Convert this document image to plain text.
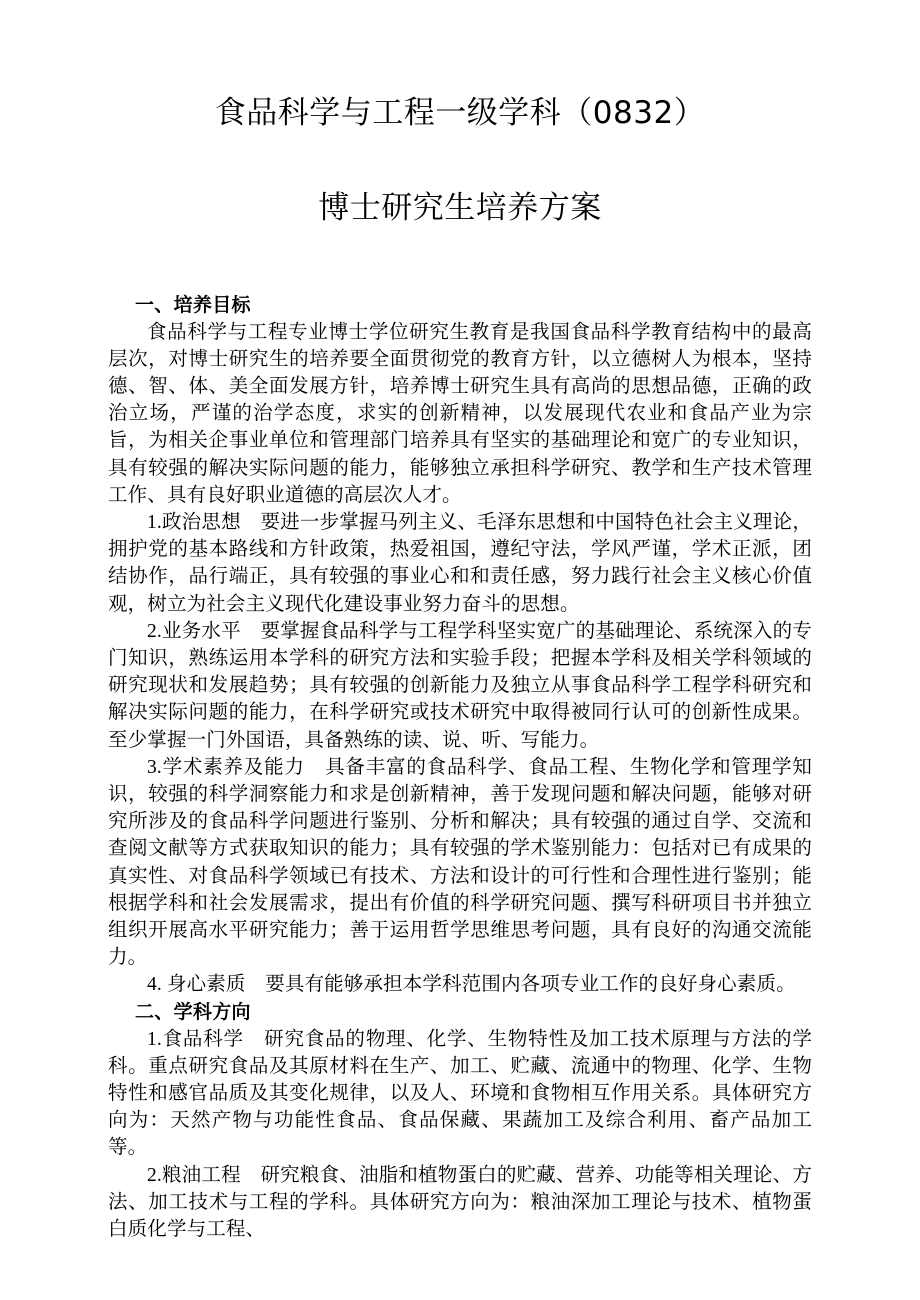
食品科学与工程一级学科（0832）
博士研究生培养方案
一、培养目标

食品科学与工程专业博士学位研究生教育是我国食品科学教育结构中的最高层次，对博士研究生的培养要全面贯彻党的教育方针，以立德树人为根本，坚持德、智、体、美全面发展方针，培养博士研究生具有高尚的思想品德，正确的政治立场，严谨的治学态度，求实的创新精神，以发展现代农业和食品产业为宗旨，为相关企事业单位和管理部门培养具有坚实的基础理论和宽广的专业知识，具有较强的解决实际问题的能力，能够独立承担科学研究、教学和生产技术管理工作、具有良好职业道德的高层次人才。

1.政治思想　要进一步掌握马列主义、毛泽东思想和中国特色社会主义理论，拥护党的基本路线和方针政策，热爱祖国，遵纪守法，学风严谨，学术正派，团结协作，品行端正，具有较强的事业心和和责任感，努力践行社会主义核心价值观，树立为社会主义现代化建设事业努力奋斗的思想。

2.业务水平　要掌握食品科学与工程学科坚实宽广的基础理论、系统深入的专门知识，熟练运用本学科的研究方法和实验手段；把握本学科及相关学科领域的研究现状和发展趋势；具有较强的创新能力及独立从事食品科学工程学科研究和解决实际问题的能力，在科学研究或技术研究中取得被同行认可的创新性成果。至少掌握一门外国语，具备熟练的读、说、听、写能力。

3.学术素养及能力　具备丰富的食品科学、食品工程、生物化学和管理学知识，较强的科学洞察能力和求是创新精神，善于发现问题和解决问题，能够对研究所涉及的食品科学问题进行鉴别、分析和解决；具有较强的通过自学、交流和查阅文献等方式获取知识的能力；具有较强的学术鉴别能力：包括对已有成果的真实性、对食品科学领域已有技术、方法和设计的可行性和合理性进行鉴别；能根据学科和社会发展需求，提出有价值的科学研究问题、撰写科研项目书并独立组织开展高水平研究能力；善于运用哲学思维思考问题，具有良好的沟通交流能力。

4. 身心素质　要具有能够承担本学科范围内各项专业工作的良好身心素质。

二、学科方向

1.食品科学　研究食品的物理、化学、生物特性及加工技术原理与方法的学科。重点研究食品及其原材料在生产、加工、贮藏、流通中的物理、化学、生物特性和感官品质及其变化规律，以及人、环境和食物相互作用关系。具体研究方向为：天然产物与功能性食品、食品保藏、果蔬加工及综合利用、畜产品加工等。

2.粮油工程　研究粮食、油脂和植物蛋白的贮藏、营养、功能等相关理论、方法、加工技术与工程的学科。具体研究方向为：粮油深加工理论与技术、植物蛋白质化学与工程、
